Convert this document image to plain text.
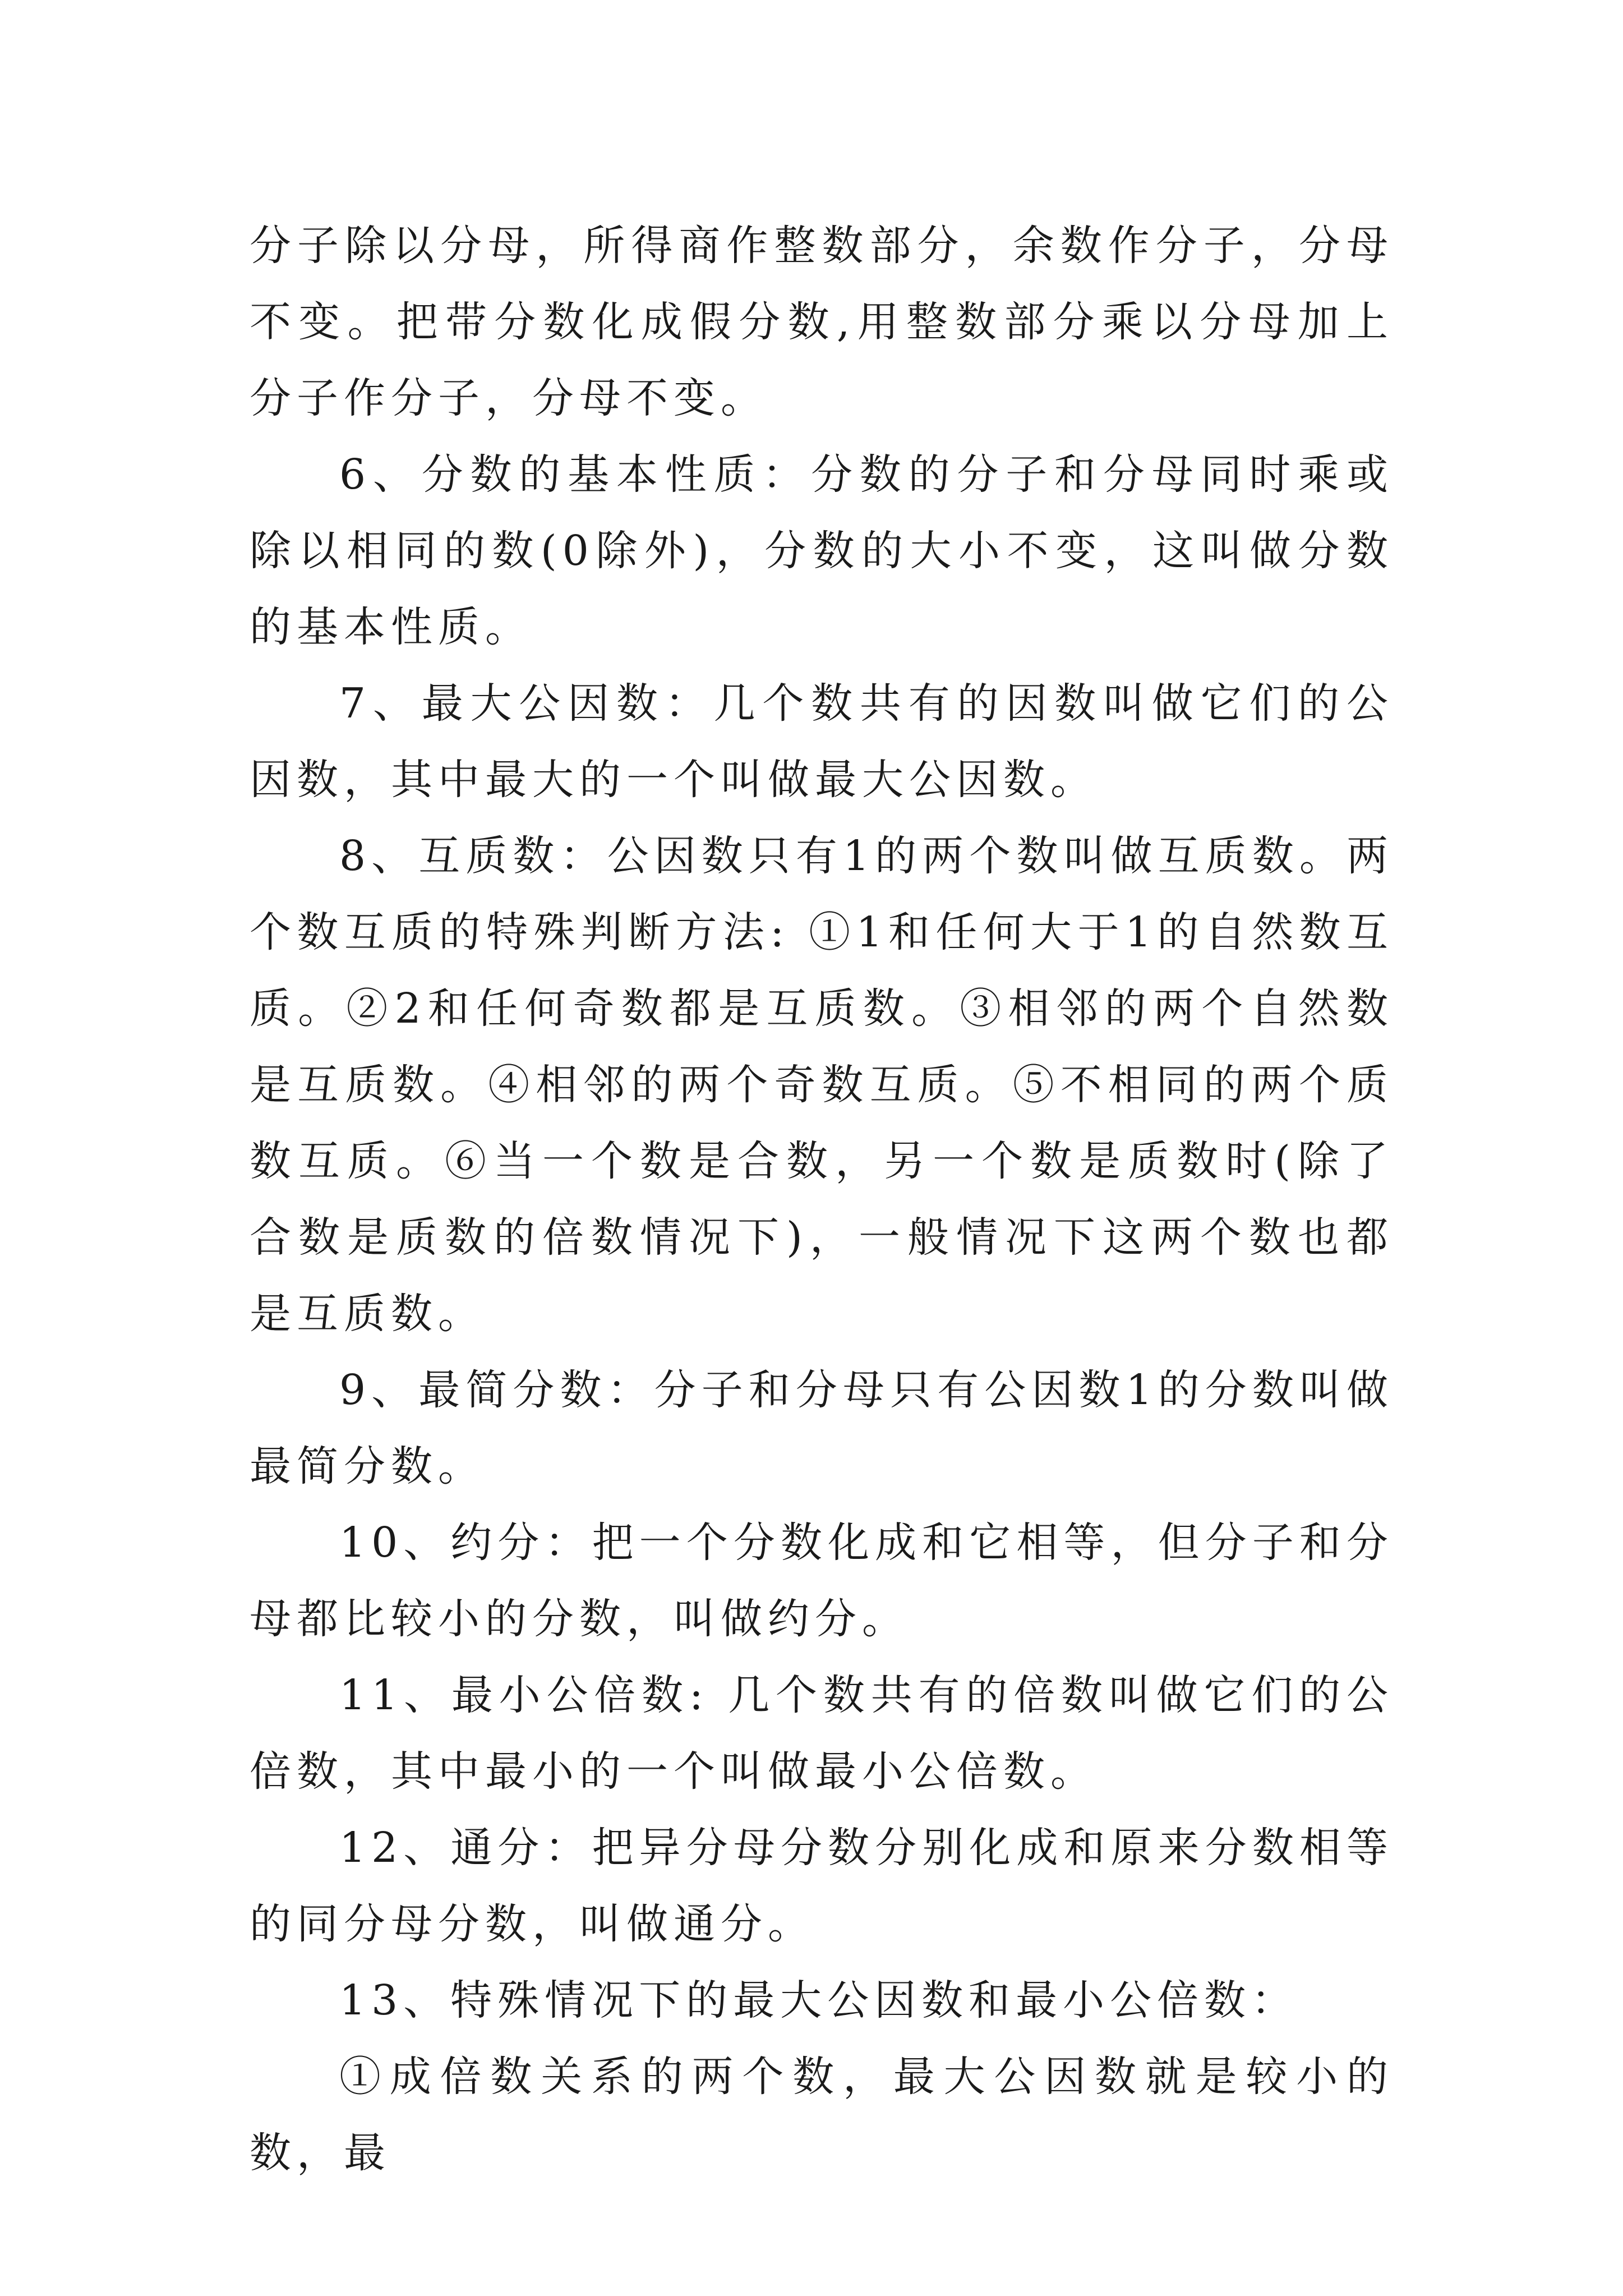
分子除以分母，所得商作整数部分，余数作分子，分母不变。把带分数化成假分数,用整数部分乘以分母加上分子作分子，分母不变。

6、分数的基本性质：分数的分子和分母同时乘或除以相同的数(0除外)，分数的大小不变，这叫做分数的基本性质。

7、最大公因数：几个数共有的因数叫做它们的公因数，其中最大的一个叫做最大公因数。

8、互质数：公因数只有1的两个数叫做互质数。两个数互质的特殊判断方法: ①1和任何大于1的自然数互质。②2和任何奇数都是互质数。③相邻的两个自然数是互质数。④相邻的两个奇数互质。⑤不相同的两个质数互质。⑥当一个数是合数，另一个数是质数时(除了合数是质数的倍数情况下)，一般情况下这两个数也都是互质数。

9、最简分数：分子和分母只有公因数1的分数叫做最简分数。

10、约分：把一个分数化成和它相等，但分子和分母都比较小的分数，叫做约分。

11、最小公倍数: 几个数共有的倍数叫做它们的公倍数，其中最小的一个叫做最小公倍数。

12、通分：把异分母分数分别化成和原来分数相等的同分母分数，叫做通分。

13、特殊情况下的最大公因数和最小公倍数：

①成倍数关系的两个数，最大公因数就是较小的数，最
